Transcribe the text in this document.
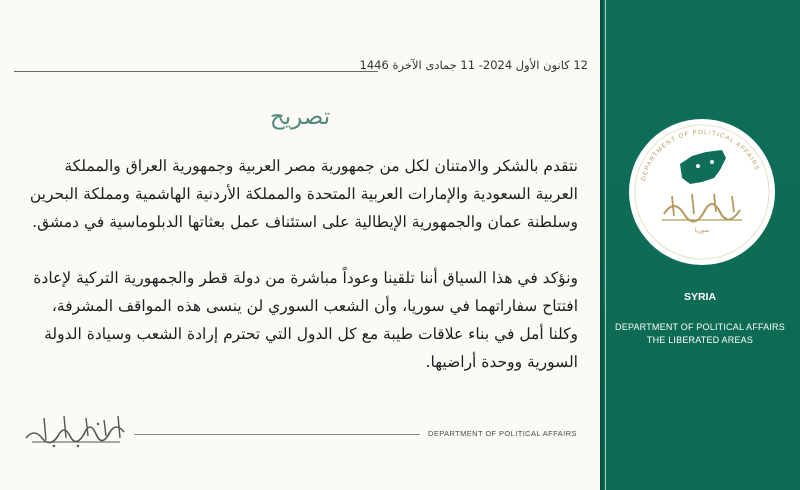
12 كانون الأول 2024- 11 جمادى الآخرة 1446
تصريح

نتقدم بالشكر والامتنان لكل من جمهورية مصر العربية وجمهورية العراق والمملكة العربية السعودية والإمارات العربية المتحدة والمملكة الأردنية الهاشمية ومملكة البحرين وسلطنة عمان والجمهورية الإيطالية على استئناف عمل بعثاتها الدبلوماسية في دمشق.

ونؤكد في هذا السياق أننا تلقينا وعوداً مباشرة من دولة قطر والجمهورية التركية لإعادة افتتاح سفاراتهما في سوريا، وأن الشعب السوري لن ينسى هذه المواقف المشرفة، وكلنا أمل في بناء علاقات طيبة مع كل الدول التي تحترم إرادة الشعب وسيادة الدولة السورية ووحدة أراضيها.

DEPARTMENT OF POLITICAL AFFAIRS
DEPARTMENT OF POLITICAL AFFAIRS
سوريا
SYRIA
DEPARTMENT OF POLITICAL AFFAIRS
THE LIBERATED AREAS
